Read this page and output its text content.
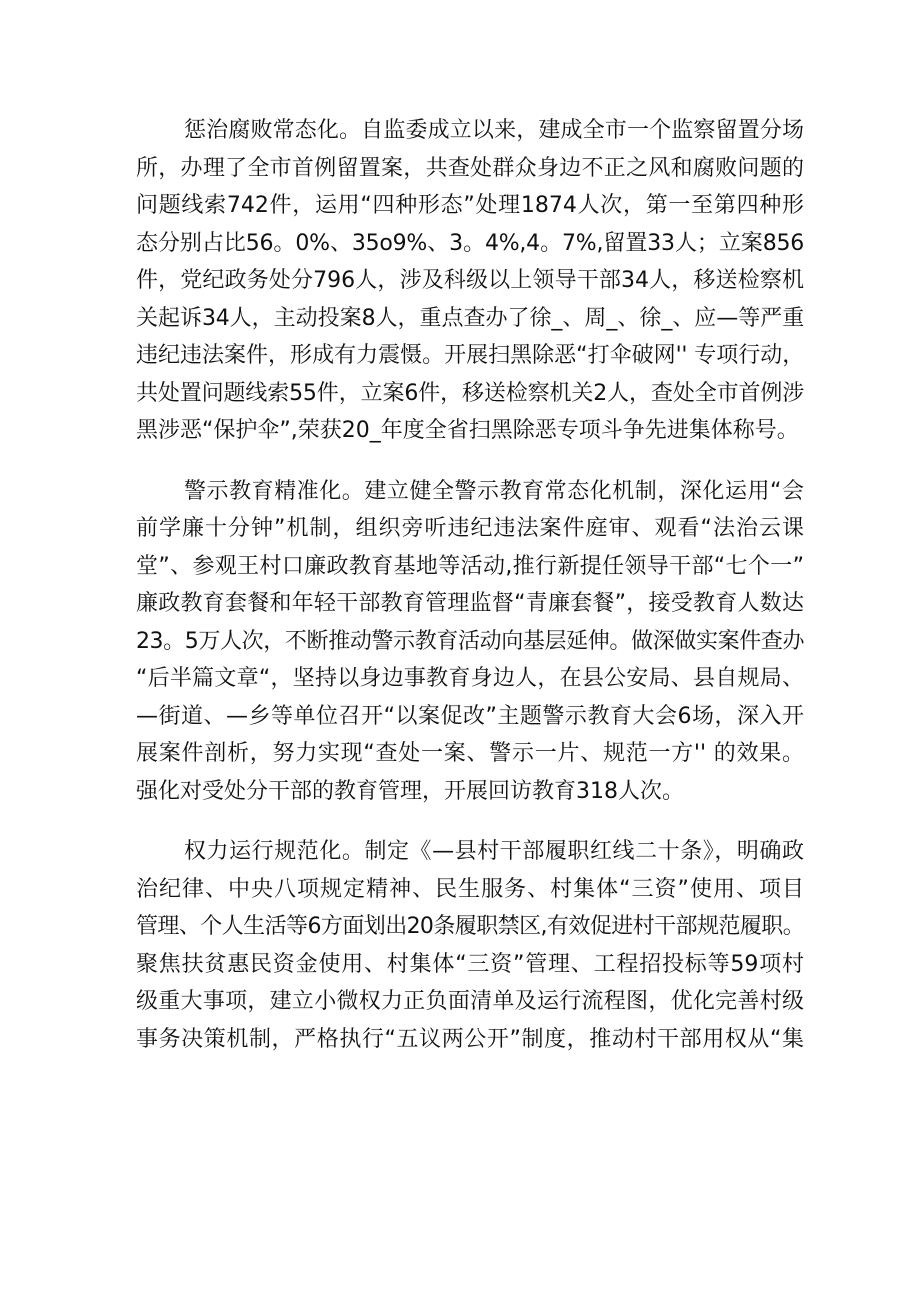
惩治腐败常态化。自监委成立以来，建成全市一个监察留置分场
所，办理了全市首例留置案，共查处群众身边不正之风和腐败问题的
问题线索742件，运用“四种形态”处理1874人次，第一至第四种形
态分别占比56。0%、35o9%、3。4%,4。7%,留置33人；立案856
件，党纪政务处分796人，涉及科级以上领导干部34人，移送检察机
关起诉34人，主动投案8人，重点查办了徐_、周_、徐_、应—等严重
违纪违法案件，形成有力震慑。开展扫黑除恶“打伞破网'' 专项行动，
共处置问题线索55件，立案6件，移送检察机关2人，查处全市首例涉
黑涉恶“保护伞”,荣获20_年度全省扫黑除恶专项斗争先进集体称号。
警示教育精准化。建立健全警示教育常态化机制，深化运用“会
前学廉十分钟”机制，组织旁听违纪违法案件庭审、观看“法治云课
堂”、参观王村口廉政教育基地等活动,推行新提任领导干部“七个一”
廉政教育套餐和年轻干部教育管理监督“青廉套餐”，接受教育人数达
23。5万人次，不断推动警示教育活动向基层延伸。做深做实案件查办
“后半篇文章“，坚持以身边事教育身边人，在县公安局、县自规局、
—街道、—乡等单位召开“以案促改”主题警示教育大会6场，深入开
展案件剖析，努力实现“查处一案、警示一片、规范一方'' 的效果。
强化对受处分干部的教育管理，开展回访教育318人次。
权力运行规范化。制定《—县村干部履职红线二十条》，明确政
治纪律、中央八项规定精神、民生服务、村集体“三资”使用、项目
管理、个人生活等6方面划出20条履职禁区,有效促进村干部规范履职。
聚焦扶贫惠民资金使用、村集体“三资”管理、工程招投标等59项村
级重大事项，建立小微权力正负面清单及运行流程图，优化完善村级
事务决策机制，严格执行“五议两公开”制度，推动村干部用权从“集
